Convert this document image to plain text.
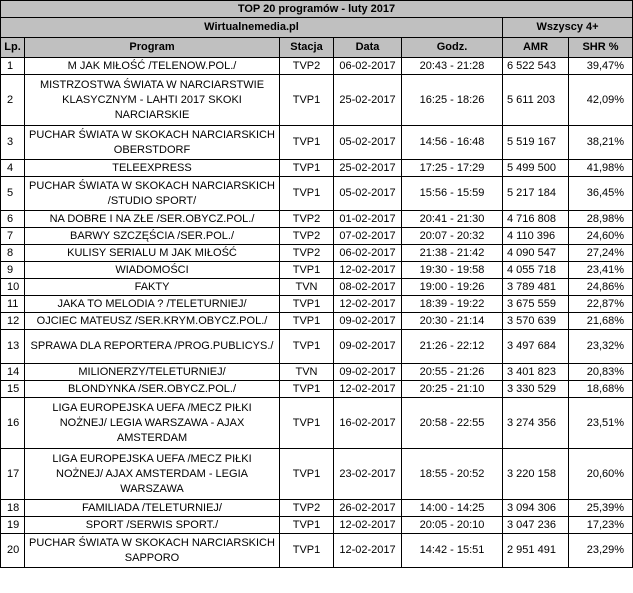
TOP 20 programów - luty 2017						
Wirtualnemedia.pl					Wszyscy 4+	
Lp.	Program	Stacja	Data	Godz.	AMR	SHR %
1	M JAK MIŁOŚĆ /TELENOW.POL./	TVP2	06-02-2017	20:43 - 21:28	6 522 543	39,47%
2	MISTRZOSTWA ŚWIATA W NARCIARSTWIE KLASYCZNYM - LAHTI 2017 SKOKI NARCIARSKIE	TVP1	25-02-2017	16:25 - 18:26	5 611 203	42,09%
3	PUCHAR ŚWIATA W SKOKACH NARCIARSKICH OBERSTDORF	TVP1	05-02-2017	14:56 - 16:48	5 519 167	38,21%
4	TELEEXPRESS	TVP1	25-02-2017	17:25 - 17:29	5 499 500	41,98%
5	PUCHAR ŚWIATA W SKOKACH NARCIARSKICH /STUDIO SPORT/	TVP1	05-02-2017	15:56 - 15:59	5 217 184	36,45%
6	NA DOBRE I NA ZŁE /SER.OBYCZ.POL./	TVP2	01-02-2017	20:41 - 21:30	4 716 808	28,98%
7	BARWY SZCZĘŚCIA /SER.POL./	TVP2	07-02-2017	20:07 - 20:32	4 110 396	24,60%
8	KULISY SERIALU M JAK MIŁOŚĆ	TVP2	06-02-2017	21:38 - 21:42	4 090 547	27,24%
9	WIADOMOŚCI	TVP1	12-02-2017	19:30 - 19:58	4 055 718	23,41%
10	FAKTY	TVN	08-02-2017	19:00 - 19:26	3 789 481	24,86%
11	JAKA TO MELODIA ? /TELETURNIEJ/	TVP1	12-02-2017	18:39 - 19:22	3 675 559	22,87%
12	OJCIEC MATEUSZ /SER.KRYM.OBYCZ.POL./	TVP1	09-02-2017	20:30 - 21:14	3 570 639	21,68%
13	SPRAWA DLA REPORTERA /PROG.PUBLICYS./	TVP1	09-02-2017	21:26 - 22:12	3 497 684	23,32%
14	MILIONERZY/TELETURNIEJ/	TVN	09-02-2017	20:55 - 21:26	3 401 823	20,83%
15	BLONDYNKA /SER.OBYCZ.POL./	TVP1	12-02-2017	20:25 - 21:10	3 330 529	18,68%
16	LIGA EUROPEJSKA UEFA /MECZ PIŁKI NOŻNEJ/ LEGIA WARSZAWA - AJAX AMSTERDAM	TVP1	16-02-2017	20:58 - 22:55	3 274 356	23,51%
17	LIGA EUROPEJSKA UEFA /MECZ PIŁKI NOŻNEJ/ AJAX AMSTERDAM - LEGIA WARSZAWA	TVP1	23-02-2017	18:55 - 20:52	3 220 158	20,60%
18	FAMILIADA /TELETURNIEJ/	TVP2	26-02-2017	14:00 - 14:25	3 094 306	25,39%
19	SPORT /SERWIS SPORT./	TVP1	12-02-2017	20:05 - 20:10	3 047 236	17,23%
20	PUCHAR ŚWIATA W SKOKACH NARCIARSKICH SAPPORO	TVP1	12-02-2017	14:42 - 15:51	2 951 491	23,29%
